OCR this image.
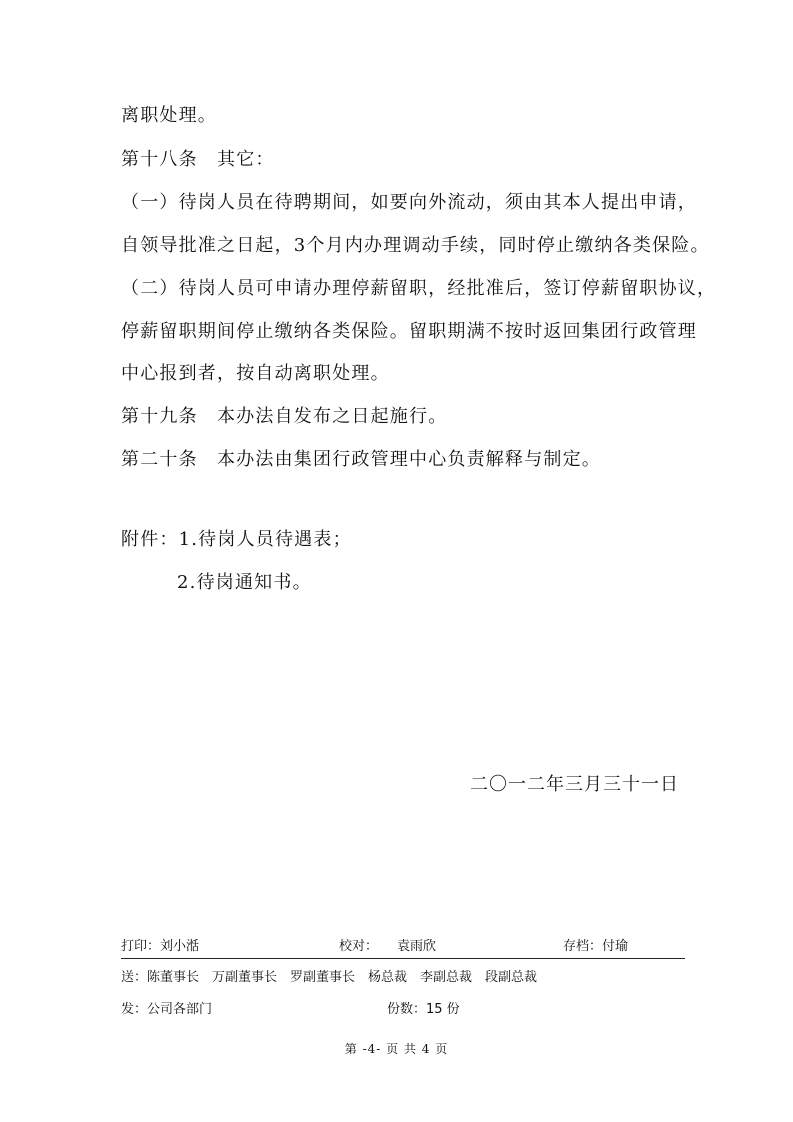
离职处理。
第十八条　其它：
（一）待岗人员在待聘期间，如要向外流动，须由其本人提出申请，
自领导批准之日起，3个月内办理调动手续，同时停止缴纳各类保险。
（二）待岗人员可申请办理停薪留职，经批准后，签订停薪留职协议，
停薪留职期间停止缴纳各类保险。留职期满不按时返回集团行政管理
中心报到者，按自动离职处理。
第十九条　本办法自发布之日起施行。
第二十条　本办法由集团行政管理中心负责解释与制定。
附件：1.待岗人员待遇表；
2.待岗通知书。
二〇一二年三月三十一日
打印：刘小湉	校对： 袁雨欣	存档：付瑜
送：陈董事长　万副董事长　罗副董事长　杨总裁　李副总裁　段副总裁
发：公司各部门	份数：15 份
第 -4- 页 共 4 页
